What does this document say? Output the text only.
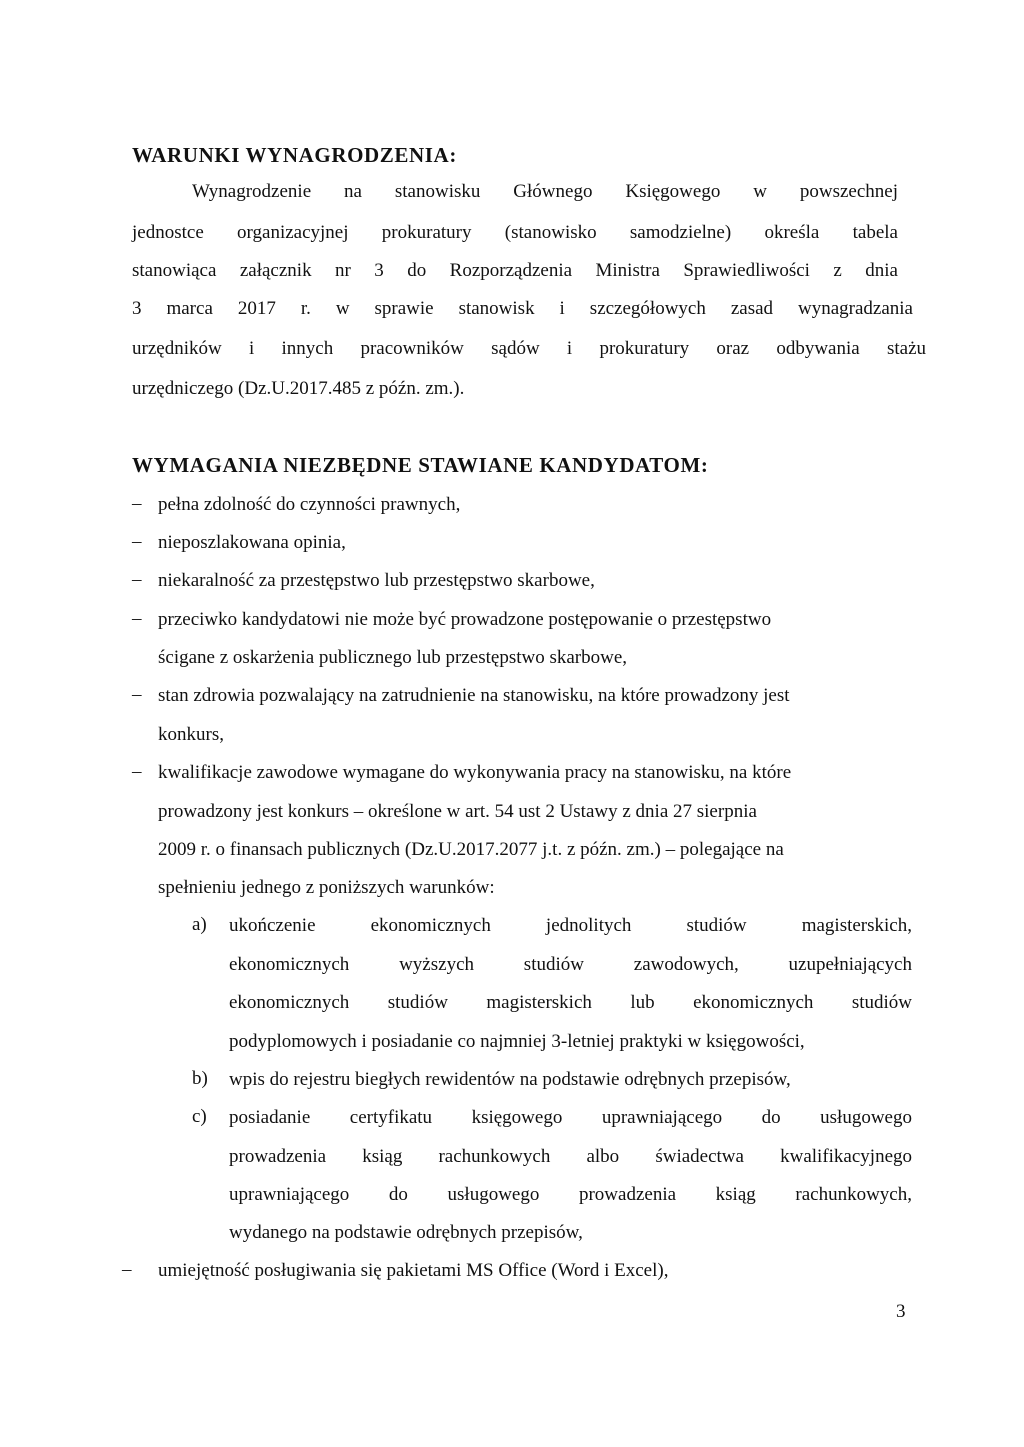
WARUNKI WYNAGRODZENIA:

Wynagrodzenie na stanowisku Głównego Księgowego w powszechnej

jednostce organizacyjnej prokuratury (stanowisko samodzielne) określa tabela

stanowiąca załącznik nr 3 do Rozporządzenia Ministra Sprawiedliwości z dnia

3 marca 2017 r. w sprawie stanowisk i szczegółowych zasad wynagradzania

urzędników i innych pracowników sądów i prokuratury oraz odbywania stażu

urzędniczego (Dz.U.2017.485 z późn. zm.).

WYMAGANIA NIEZBĘDNE STAWIANE KANDYDATOM:
– pełna zdolność do czynności prawnych,

– nieposzlakowana opinia,

– niekaralność za przestępstwo lub przestępstwo skarbowe,

– przeciwko kandydatowi nie może być prowadzone postępowanie o przestępstwo

ścigane z oskarżenia publicznego lub przestępstwo skarbowe,

– stan zdrowia pozwalający na zatrudnienie na stanowisku, na które prowadzony jest

konkurs,

– kwalifikacje zawodowe wymagane do wykonywania pracy na stanowisku, na które

prowadzony jest konkurs – określone w art. 54 ust 2 Ustawy z dnia 27 sierpnia

2009 r. o finansach publicznych (Dz.U.2017.2077 j.t. z późn. zm.) – polegające na

spełnieniu jednego z poniższych warunków:

a) ukończenie ekonomicznych jednolitych studiów magisterskich,

ekonomicznych wyższych studiów zawodowych, uzupełniających

ekonomicznych studiów magisterskich lub ekonomicznych studiów

podyplomowych i posiadanie co najmniej 3-letniej praktyki w księgowości,

b) wpis do rejestru biegłych rewidentów na podstawie odrębnych przepisów,

c) posiadanie certyfikatu księgowego uprawniającego do usługowego

prowadzenia ksiąg rachunkowych albo świadectwa kwalifikacyjnego

uprawniającego do usługowego prowadzenia ksiąg rachunkowych,

wydanego na podstawie odrębnych przepisów,

– umiejętność posługiwania się pakietami MS Office (Word i Excel),

3
